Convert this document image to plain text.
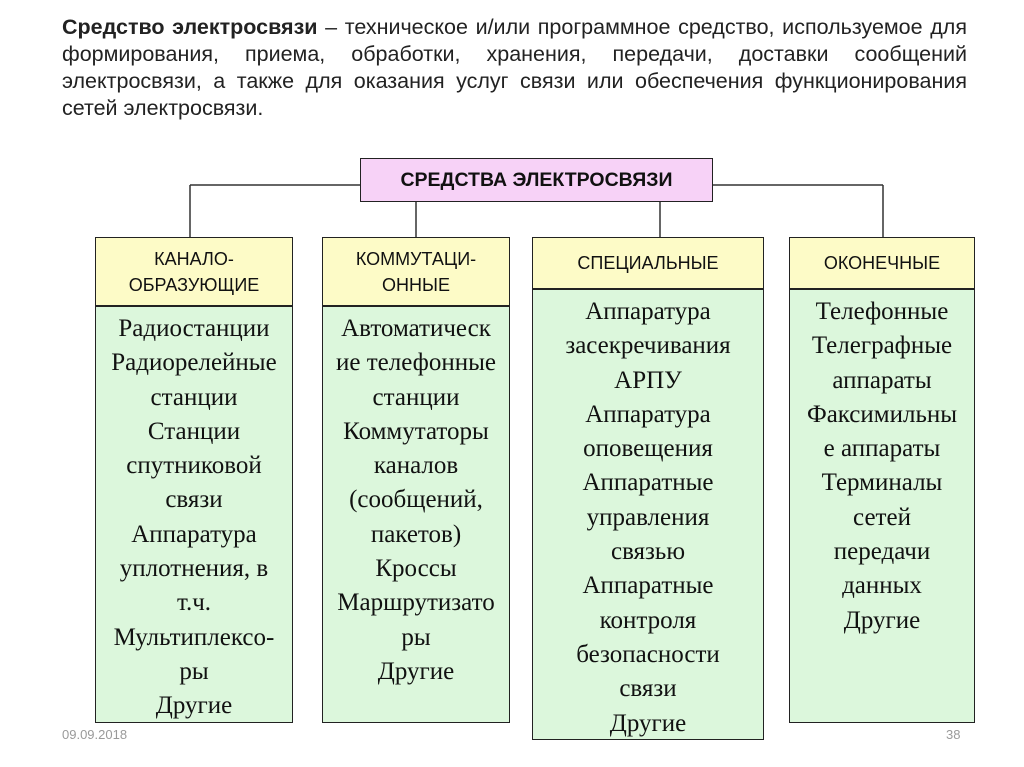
Средство электросвязи – техническое и/или программное средство, используемое для формирования, приема, обработки, хранения, передачи, доставки сообщений электросвязи, а также для оказания услуг связи или обеспечения функционирования сетей электросвязи.
СРЕДСТВА ЭЛЕКТРОСВЯЗИ
КАНАЛО-
ОБРАЗУЮЩИЕ
Радиостанции
Радиорелейные
станции
Станции
спутниковой
связи
Аппаратура
уплотнения, в
т.ч.
Мультиплексо-
ры
Другие
КОММУТАЦИ-
ОННЫЕ
Автоматическ
ие телефонные
станции
Коммутаторы
каналов
(сообщений,
пакетов)
Кроссы
Маршрутизато
ры
Другие
СПЕЦИАЛЬНЫЕ
Аппаратура
засекречивания
АРПУ
Аппаратура
оповещения
Аппаратные
управления
связью
Аппаратные
контроля
безопасности
связи
Другие
ОКОНЕЧНЫЕ
Телефонные
Телеграфные
аппараты
Факсимильны
е аппараты
Терминалы
сетей
передачи
данных
Другие
09.09.2018	38
